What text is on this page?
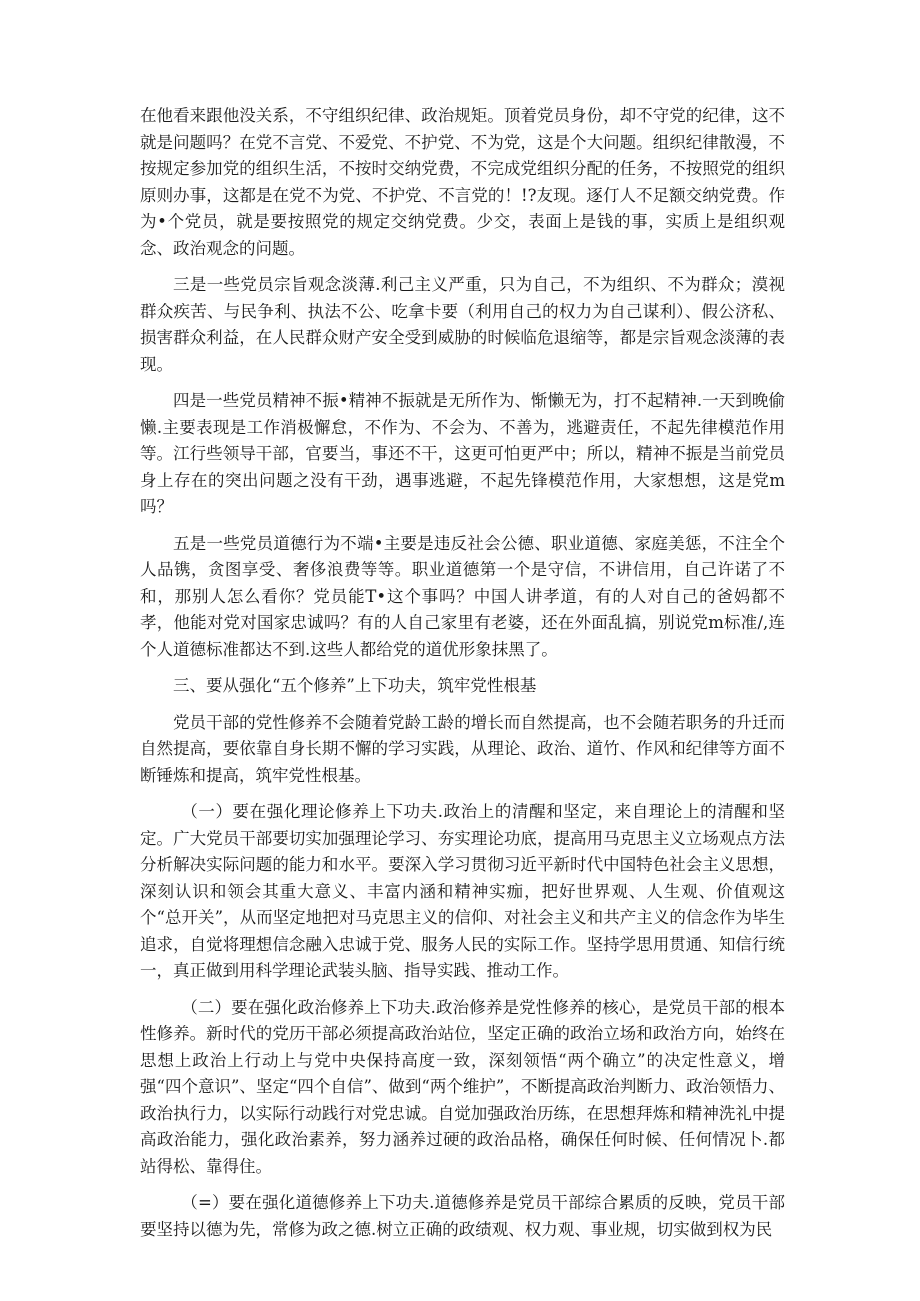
在他看来跟他没关系，不守组织纪律、政治规矩。顶着党员身份，却不守党的纪律，这不就是问题吗？在党不言党、不爱党、不护党、不为党，这是个大问题。组织纪律散漫，不按规定参加党的组织生活，不按时交纳党费，不完成党组织分配的任务，不按照党的组织原则办事，这都是在党不为党、不护党、不言党的！!?友现。逐仃人不足额交纳党费。作为•个党员，就是要按照党的规定交纳党费。少交，表面上是钱的事，实质上是组织观念、政治观念的问题。

三是一些党员宗旨观念淡薄.利己主义严重，只为自己，不为组织、不为群众；漠视群众疾苦、与民争利、执法不公、吃拿卡要（利用自己的权力为自己谋利）、假公济私、损害群众利益，在人民群众财产安全受到威胁的时候临危退缩等，都是宗旨观念淡薄的表现。

四是一些党员精神不振•精神不振就是无所作为、惭懒无为，打不起精神.一天到晚偷懒.主要表现是工作消极懈怠，不作为、不会为、不善为，逃避责任，不起先律模范作用等。江行些领导干部，官要当，事还不干，这更可怕更严中；所以，精神不振是当前党员身上存在的突出问题之没有干劲，遇事逃避，不起先锋模范作用，大家想想，这是党m吗？

五是一些党员道德行为不端•主要是违反社会公德、职业道德、家庭美惩，不注全个人品镌，贪图享受、奢侈浪费等等。职业道德第一个是守信，不讲信用，自己许诺了不和，那别人怎么看你？党员能T•这个事吗？中国人讲孝道，有的人对自己的爸妈都不孝，他能对党对国家忠诚吗？有的人自己家里有老婆，还在外面乱搞，别说党m标准/,连个人道德标准都达不到.这些人都给党的道优形象抹黑了。

三、要从强化“五个修养”上下功夫，筑牢党性根基

党员干部的党性修养不会随着党龄工龄的增长而自然提高，也不会随若职务的升迁而自然提高，要依靠自身长期不懈的学习实践，从理论、政治、道竹、作风和纪律等方面不断锤炼和提高，筑牢党性根基。

（一）要在强化理论修养上下功夫.政治上的清醒和坚定，来自理论上的清醒和坚定。广大党员干部要切实加强理论学习、夯实理论功底，提高用马克思主义立场观点方法分析解决实际问题的能力和水平。要深入学习贯彻习近平新时代中国特色社会主义思想，深刻认识和领会其重大意义、丰富内涵和精神实痂，把好世界观、人生观、价值观这个“总开关”，从而坚定地把对马克思主义的信仰、对社会主义和共产主义的信念作为毕生追求，自觉将理想信念融入忠诚于党、服务人民的实际工作。坚持学思用贯通、知信行统一，真正做到用科学理论武装头脑、指导实践、推动工作。

（二）要在强化政治修养上下功夫.政治修养是党性修养的核心，是党员干部的根本性修养。新时代的党历干部必须提高政治站位，坚定正确的政治立场和政治方向，始终在思想上政治上行动上与党中央保持高度一致，深刻领悟“两个确立”的决定性意义，增强“四个意识”、坚定“四个自信”、做到“两个维护”，不断提高政治判断力、政治领悟力、政治执行力，以实际行动践行对党忠诚。自觉加强政治历练，在思想拜炼和精神洗礼中提高政治能力，强化政治素养，努力涵养过硬的政治品格，确保任何时候、任何情况卜.都站得松、靠得住。

（=）要在强化道德修养上下功夫.道德修养是党员干部综合累质的反映，党员干部要坚持以德为先，常修为政之德.树立正确的政绩观、权力观、事业规，切实做到权为民
